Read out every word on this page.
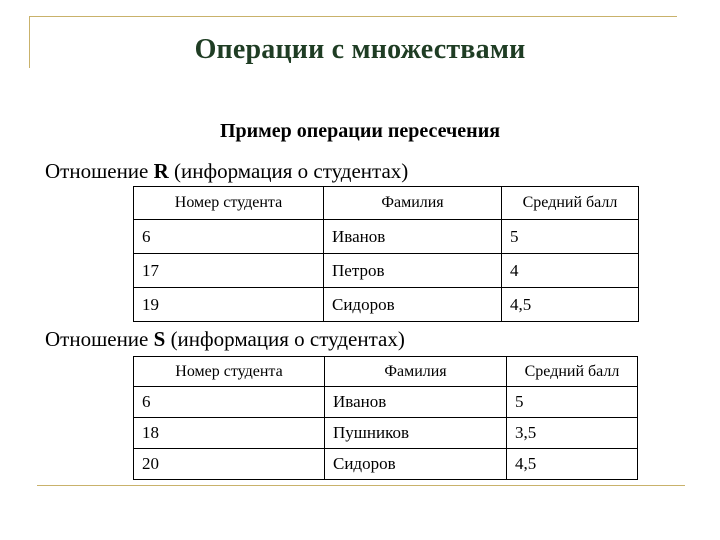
Операции с множествами
Пример операции пересечения
Отношение R (информация о студентах)
Номер студента	Фамилия	Средний балл
6	Иванов	5
17	Петров	4
19	Сидоров	4,5
Отношение S (информация о студентах)
Номер студента	Фамилия	Средний балл
6	Иванов	5
18	Пушников	3,5
20	Сидоров	4,5
